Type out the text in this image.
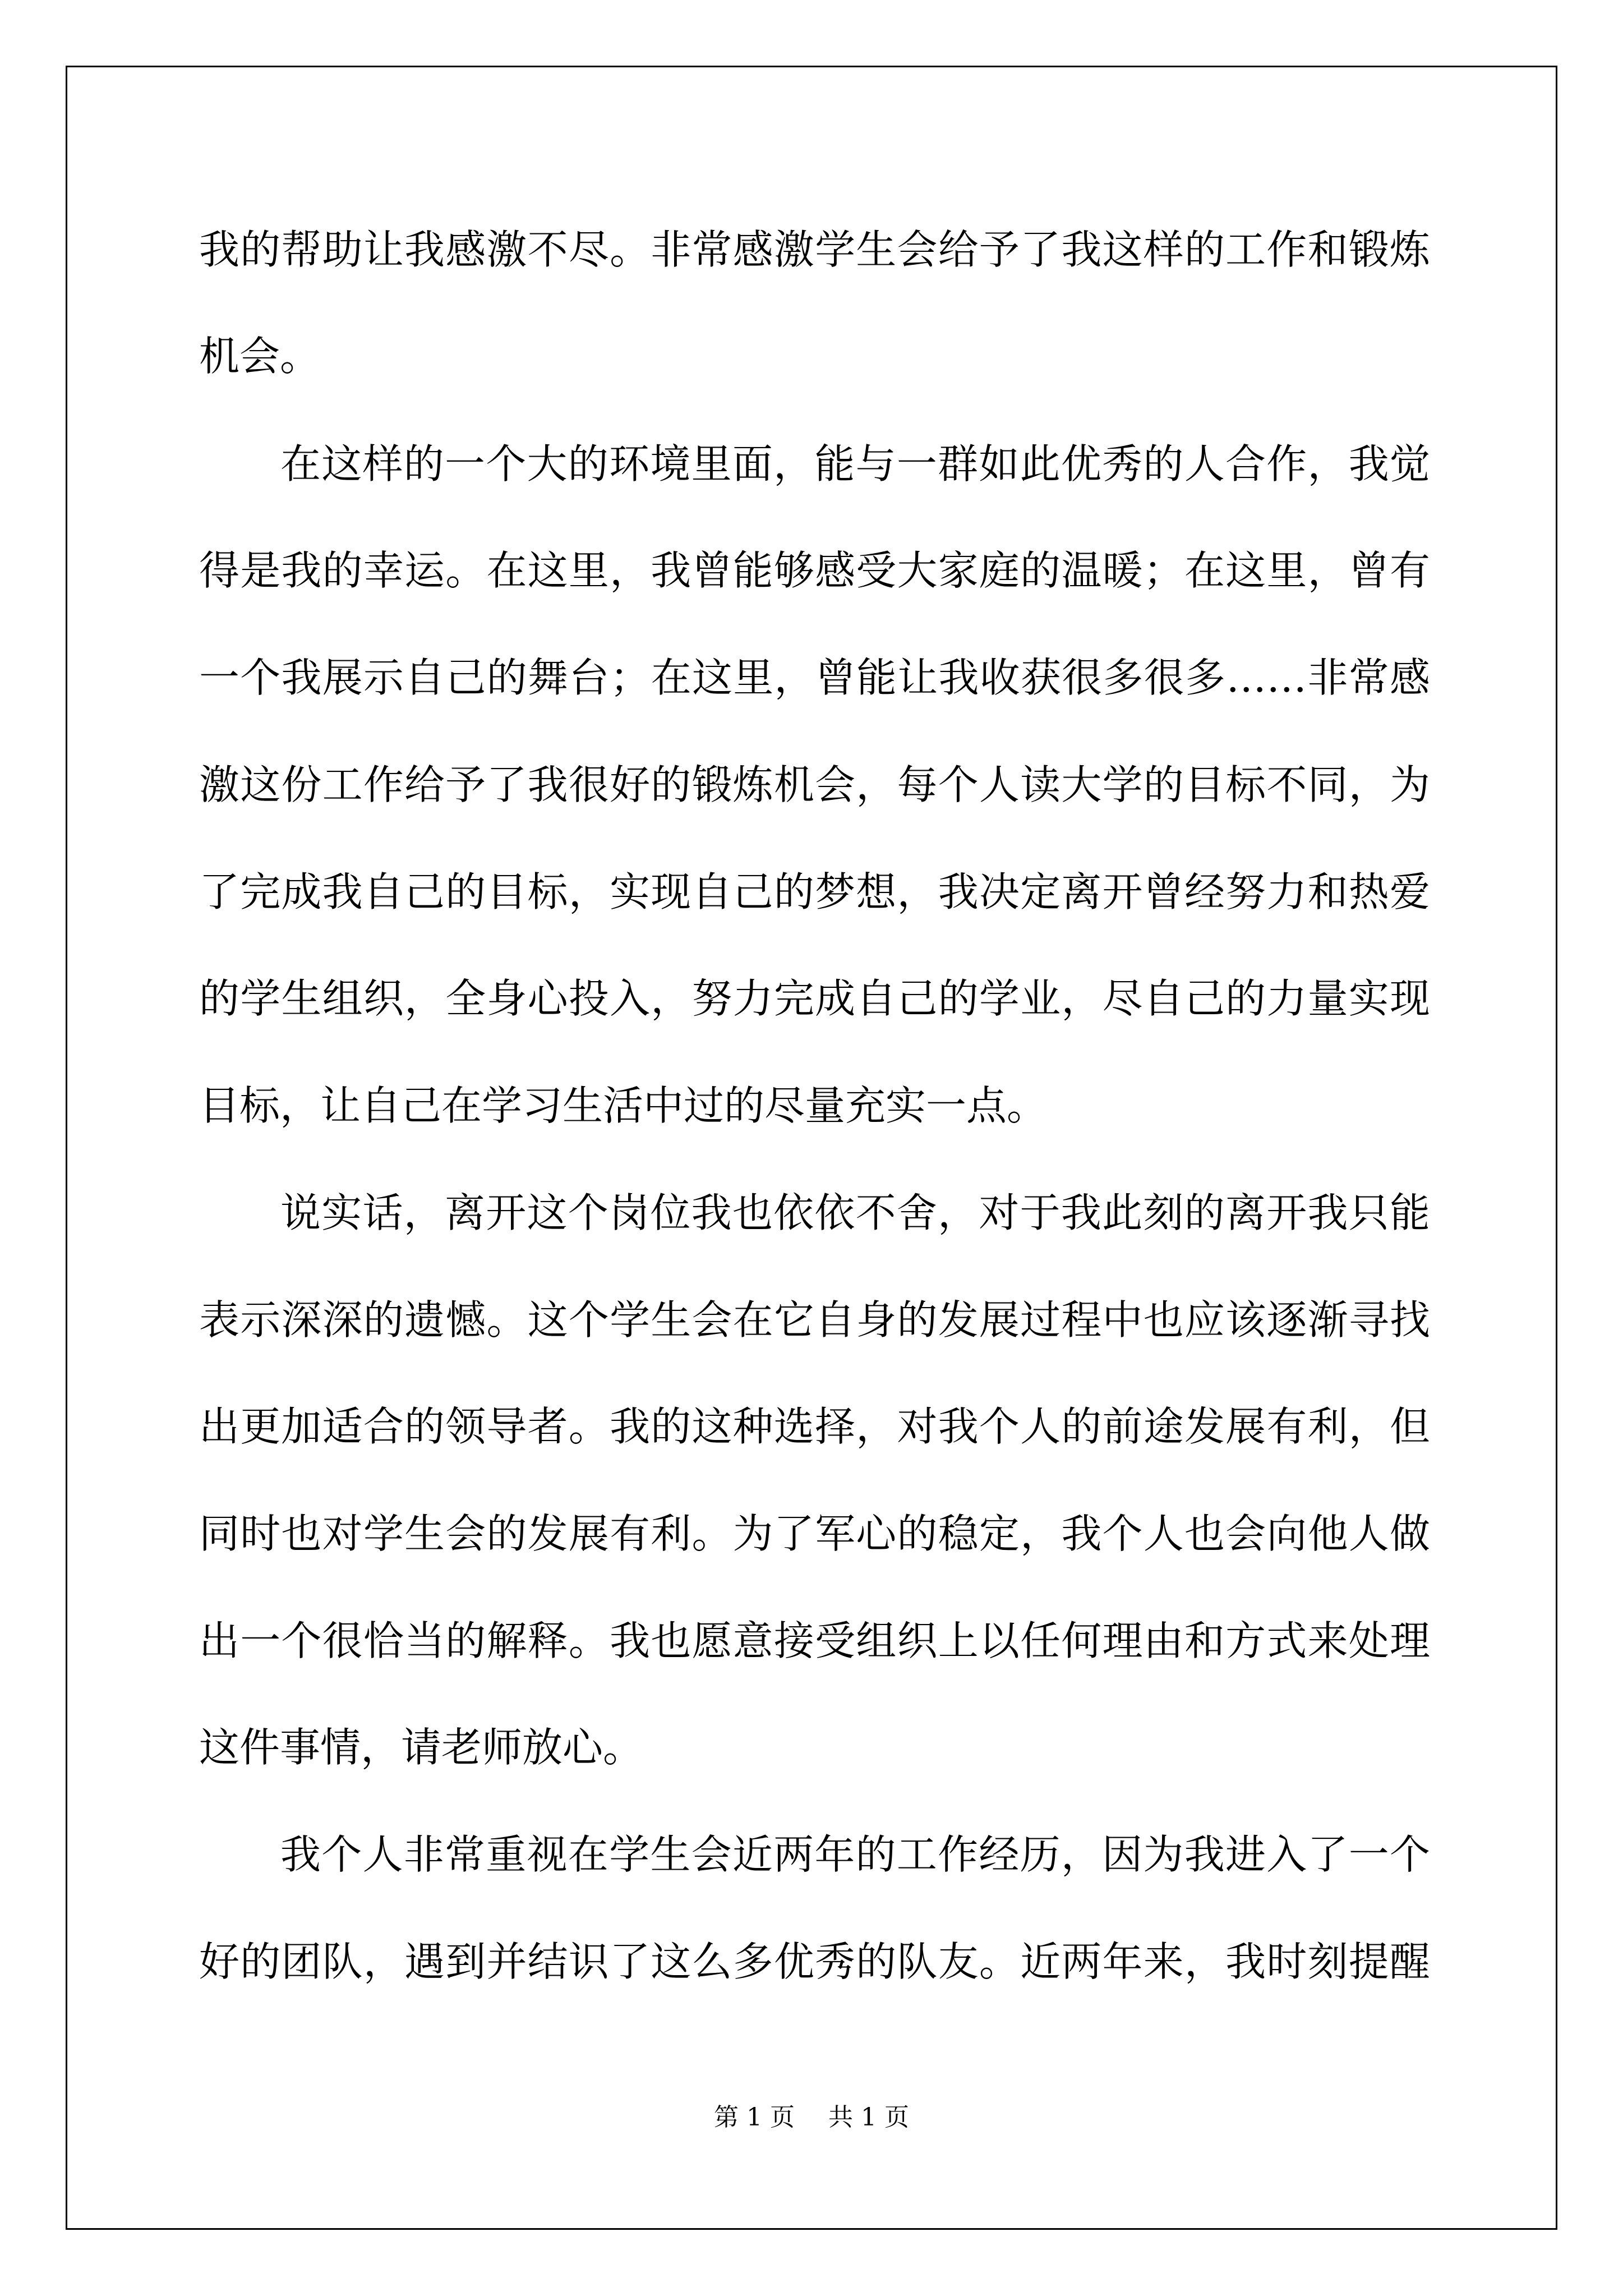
我的帮助让我感激不尽。非常感激学生会给予了我这样的工作和锻炼
机会。
在这样的一个大的环境里面，能与一群如此优秀的人合作，我觉
得是我的幸运。在这里，我曾能够感受大家庭的温暖；在这里，曾有
一个我展示自己的舞台；在这里，曾能让我收获很多很多……非常感
激这份工作给予了我很好的锻炼机会，每个人读大学的目标不同，为
了完成我自己的目标，实现自己的梦想，我决定离开曾经努力和热爱
的学生组织，全身心投入，努力完成自己的学业，尽自己的力量实现
目标，让自己在学习生活中过的尽量充实一点。
说实话，离开这个岗位我也依依不舍，对于我此刻的离开我只能
表示深深的遗憾。这个学生会在它自身的发展过程中也应该逐渐寻找
出更加适合的领导者。我的这种选择，对我个人的前途发展有利，但
同时也对学生会的发展有利。为了军心的稳定，我个人也会向他人做
出一个很恰当的解释。我也愿意接受组织上以任何理由和方式来处理
这件事情，请老师放心。
我个人非常重视在学生会近两年的工作经历，因为我进入了一个
好的团队，遇到并结识了这么多优秀的队友。近两年来，我时刻提醒
第 1 页 共 1 页
